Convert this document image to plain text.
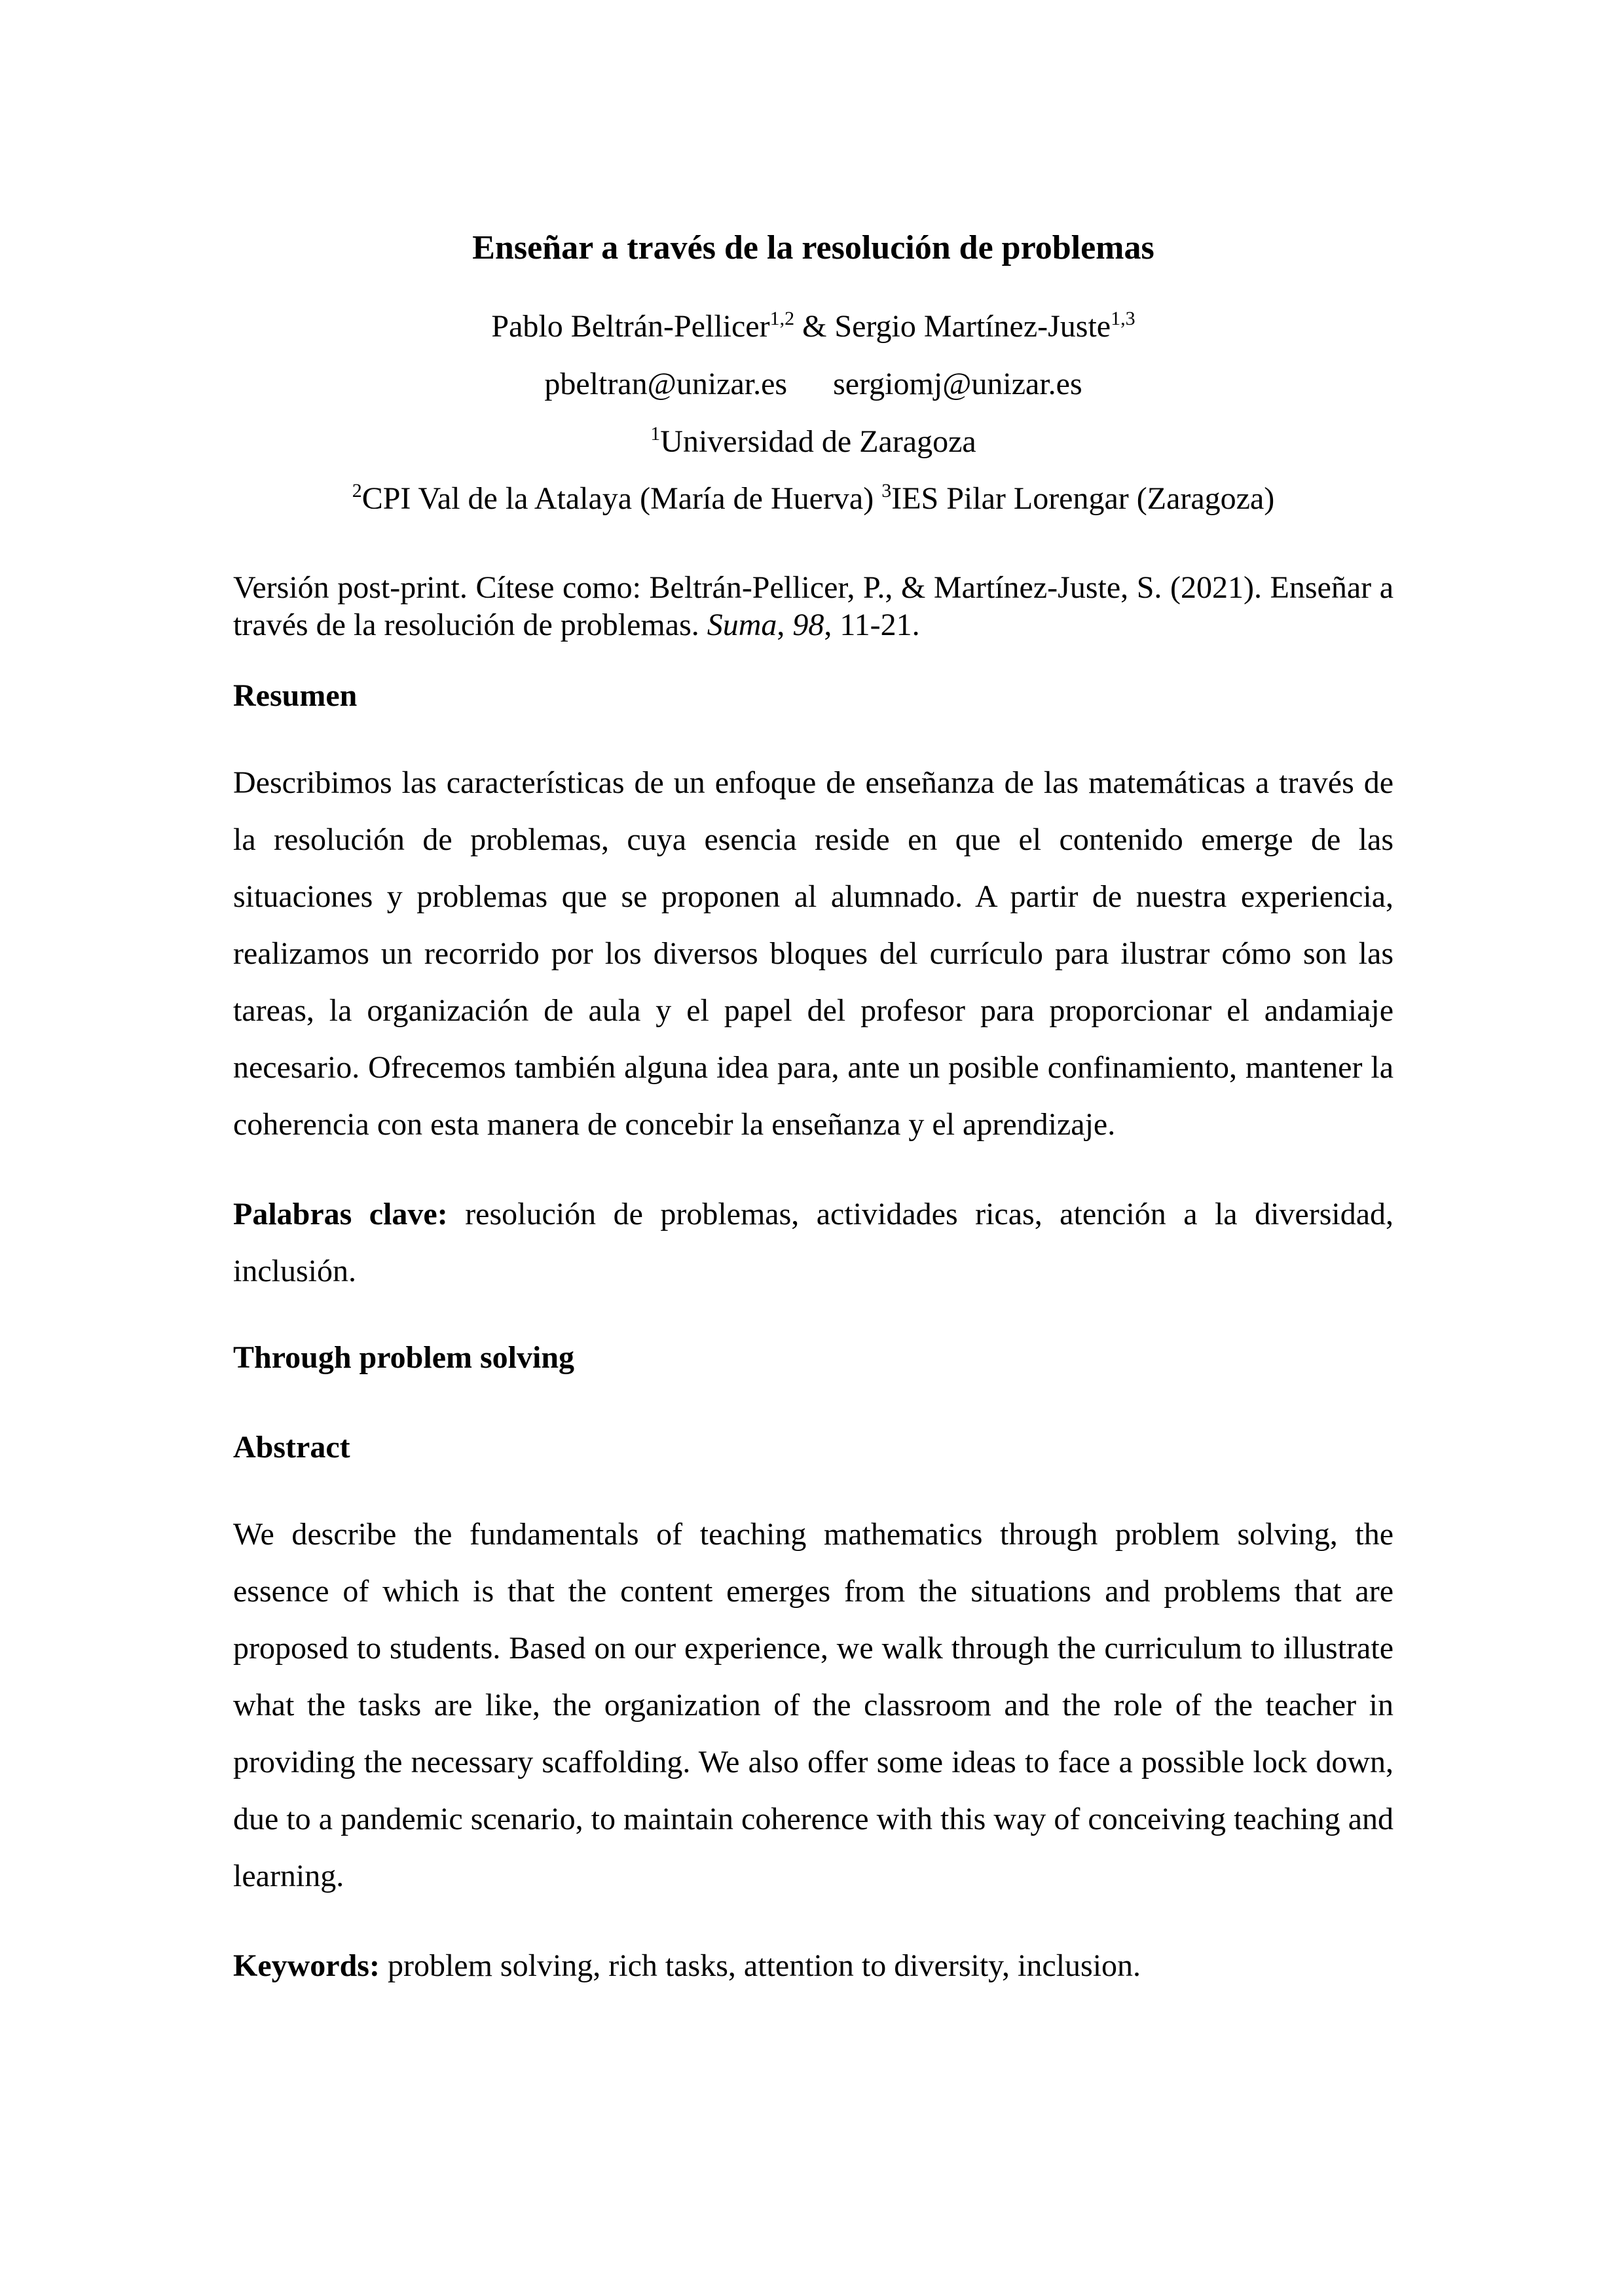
Enseñar a través de la resolución de problemas

Pablo Beltrán-Pellicer$^{1,2}$ & Sergio Martínez-Juste$^{1,3}$

pbeltran@unizar.es sergiomj@unizar.es

$^1$Universidad de Zaragoza

$^2$CPI Val de la Atalaya (María de Huerva) $^3$IES Pilar Lorengar (Zaragoza)

Versión post-print. Cítese como: Beltrán-Pellicer, P., & Martínez-Juste, S. (2021). Enseñar a través de la resolución de problemas. Suma, 98, 11-21.

Resumen

Describimos las características de un enfoque de enseñanza de las matemáticas a través de la resolución de problemas, cuya esencia reside en que el contenido emerge de las situaciones y problemas que se proponen al alumnado. A partir de nuestra experiencia, realizamos un recorrido por los diversos bloques del currículo para ilustrar cómo son las tareas, la organización de aula y el papel del profesor para proporcionar el andamiaje necesario. Ofrecemos también alguna idea para, ante un posible confinamiento, mantener la coherencia con esta manera de concebir la enseñanza y el aprendizaje.

Palabras clave: resolución de problemas, actividades ricas, atención a la diversidad, inclusión.

Through problem solving
Abstract

We describe the fundamentals of teaching mathematics through problem solving, the essence of which is that the content emerges from the situations and problems that are proposed to students. Based on our experience, we walk through the curriculum to illustrate what the tasks are like, the organization of the classroom and the role of the teacher in providing the necessary scaffolding. We also offer some ideas to face a possible lock down, due to a pandemic scenario, to maintain coherence with this way of conceiving teaching and learning.

Keywords: problem solving, rich tasks, attention to diversity, inclusion.
